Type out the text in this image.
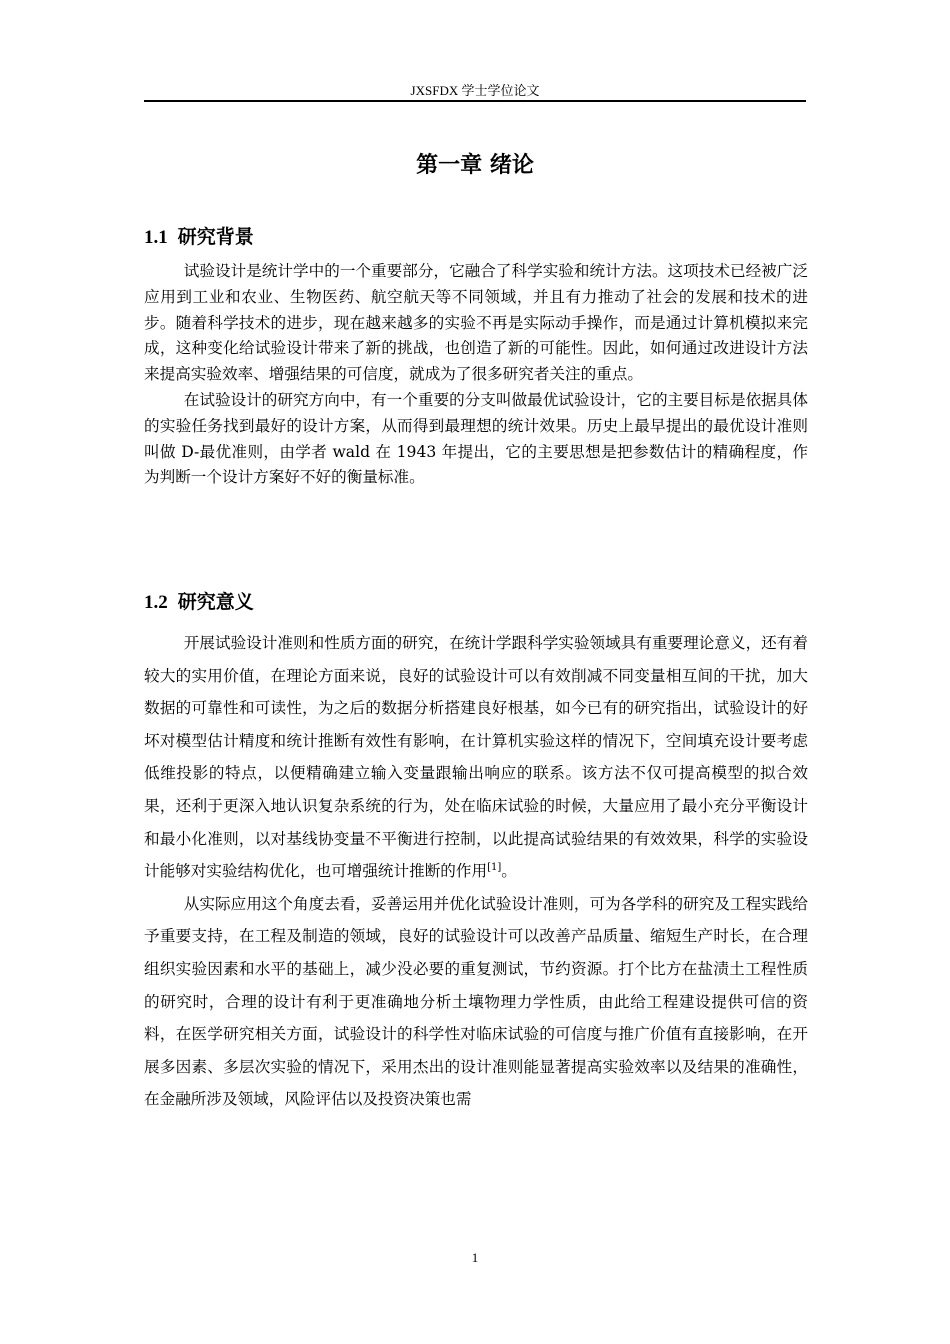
JXSFDX 学士学位论文
第一章 绪论
1.1 研究背景

试验设计是统计学中的一个重要部分，它融合了科学实验和统计方法。这项技术已经被广泛应用到工业和农业、生物医药、航空航天等不同领域，并且有力推动了社会的发展和技术的进步。随着科学技术的进步，现在越来越多的实验不再是实际动手操作，而是通过计算机模拟来完成，这种变化给试验设计带来了新的挑战，也创造了新的可能性。因此，如何通过改进设计方法来提高实验效率、增强结果的可信度，就成为了很多研究者关注的重点。

在试验设计的研究方向中，有一个重要的分支叫做最优试验设计，它的主要目标是依据具体的实验任务找到最好的设计方案，从而得到最理想的统计效果。历史上最早提出的最优设计准则叫做 D-最优准则，由学者 wald 在 1943 年提出，它的主要思想是把参数估计的精确程度，作为判断一个设计方案好不好的衡量标准。

1.2 研究意义

开展试验设计准则和性质方面的研究，在统计学跟科学实验领域具有重要理论意义，还有着较大的实用价值，在理论方面来说，良好的试验设计可以有效削减不同变量相互间的干扰，加大数据的可靠性和可读性，为之后的数据分析搭建良好根基，如今已有的研究指出，试验设计的好坏对模型估计精度和统计推断有效性有影响，在计算机实验这样的情况下，空间填充设计要考虑低维投影的特点，以便精确建立输入变量跟输出响应的联系。该方法不仅可提高模型的拟合效果，还利于更深入地认识复杂系统的行为，处在临床试验的时候，大量应用了最小充分平衡设计和最小化准则，以对基线协变量不平衡进行控制，以此提高试验结果的有效效果，科学的实验设计能够对实验结构优化，也可增强统计推断的作用[1]。

从实际应用这个角度去看，妥善运用并优化试验设计准则，可为各学科的研究及工程实践给予重要支持，在工程及制造的领域，良好的试验设计可以改善产品质量、缩短生产时长，在合理组织实验因素和水平的基础上，减少没必要的重复测试，节约资源。打个比方在盐渍土工程性质的研究时，合理的设计有利于更准确地分析土壤物理力学性质，由此给工程建设提供可信的资料，在医学研究相关方面，试验设计的科学性对临床试验的可信度与推广价值有直接影响，在开展多因素、多层次实验的情况下，采用杰出的设计准则能显著提高实验效率以及结果的准确性，在金融所涉及领域，风险评估以及投资决策也需

1
